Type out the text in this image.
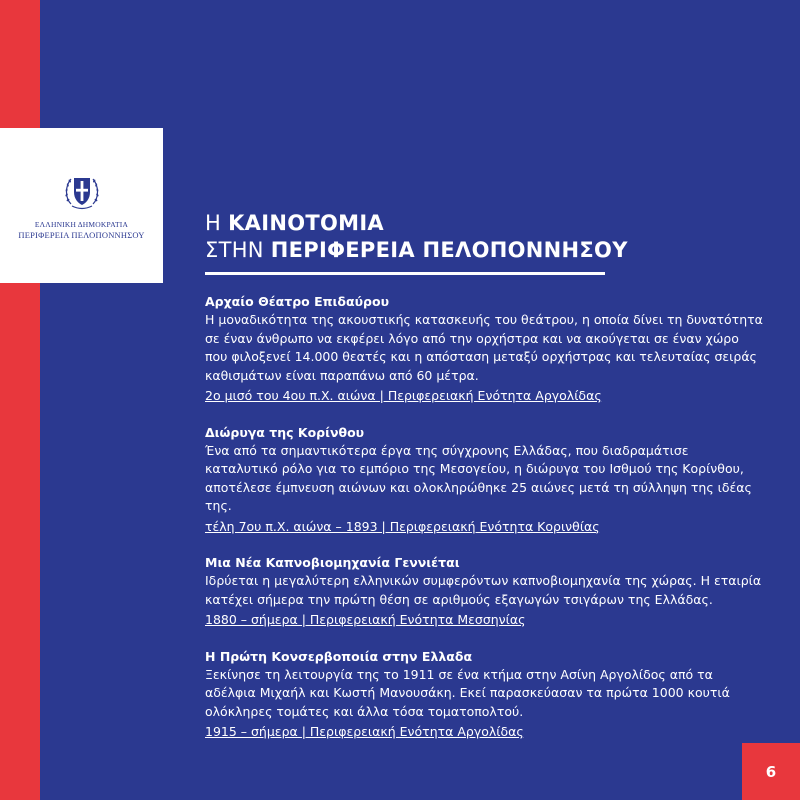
ΕΛΛΗΝΙΚΗ ΔΗΜΟΚΡΑΤΙΑ
ΠΕΡΙΦΕΡΕΙΑ ΠΕΛΟΠΟΝΝΗΣΟΥ	Η ΚΑΙΝΟΤΟΜΙΑ
ΣΤΗΝ ΠΕΡΙΦΕΡΕΙΑ ΠΕΛΟΠΟΝΝΗΣΟΥ
Αρχαίο Θέατρο Επιδαύρου

Η μοναδικότητα της ακουστικής κατασκευής του θεάτρου, η οποία δίνει τη δυνατότητα σε έναν άνθρωπο να εκφέρει λόγο από την ορχήστρα και να ακούγεται σε έναν χώρο που φιλοξενεί 14.000 θεατές και η απόσταση μεταξύ ορχήστρας και τελευταίας σειράς καθισμάτων είναι παραπάνω από 60 μέτρα.

2ο μισό του 4ου π.Χ. αιώνα | Περιφερειακή Ενότητα Αργολίδας
Διώρυγα της Κορίνθου

Ένα από τα σημαντικότερα έργα της σύγχρονης Ελλάδας, που διαδραμάτισε καταλυτικό ρόλο για το εμπόριο της Μεσογείου, η διώρυγα του Ισθμού της Κορίνθου, αποτέλεσε έμπνευση αιώνων και ολοκληρώθηκε 25 αιώνες μετά τη σύλληψη της ιδέας της.

τέλη 7ου π.Χ. αιώνα – 1893 | Περιφερειακή Ενότητα Κορινθίας
Μια Νέα Καπνοβιομηχανία Γεννιέται

Ιδρύεται η μεγαλύτερη ελληνικών συμφερόντων καπνοβιομηχανία της χώρας. Η εταιρία κατέχει σήμερα την πρώτη θέση σε αριθμούς εξαγωγών τσιγάρων της Ελλάδας.

1880 – σήμερα | Περιφερειακή Ενότητα Μεσσηνίας
Η Πρώτη Κονσερβοποιία στην Ελλαδα

Ξεκίνησε τη λειτουργία της το 1911 σε ένα κτήμα στην Ασίνη Αργολίδος από τα αδέλφια Μιχαήλ και Κωστή Μανουσάκη. Εκεί παρασκεύασαν τα πρώτα 1000 κουτιά ολόκληρες τομάτες και άλλα τόσα τοματοπολτού.

1915 – σήμερα | Περιφερειακή Ενότητα Αργολίδας
6
